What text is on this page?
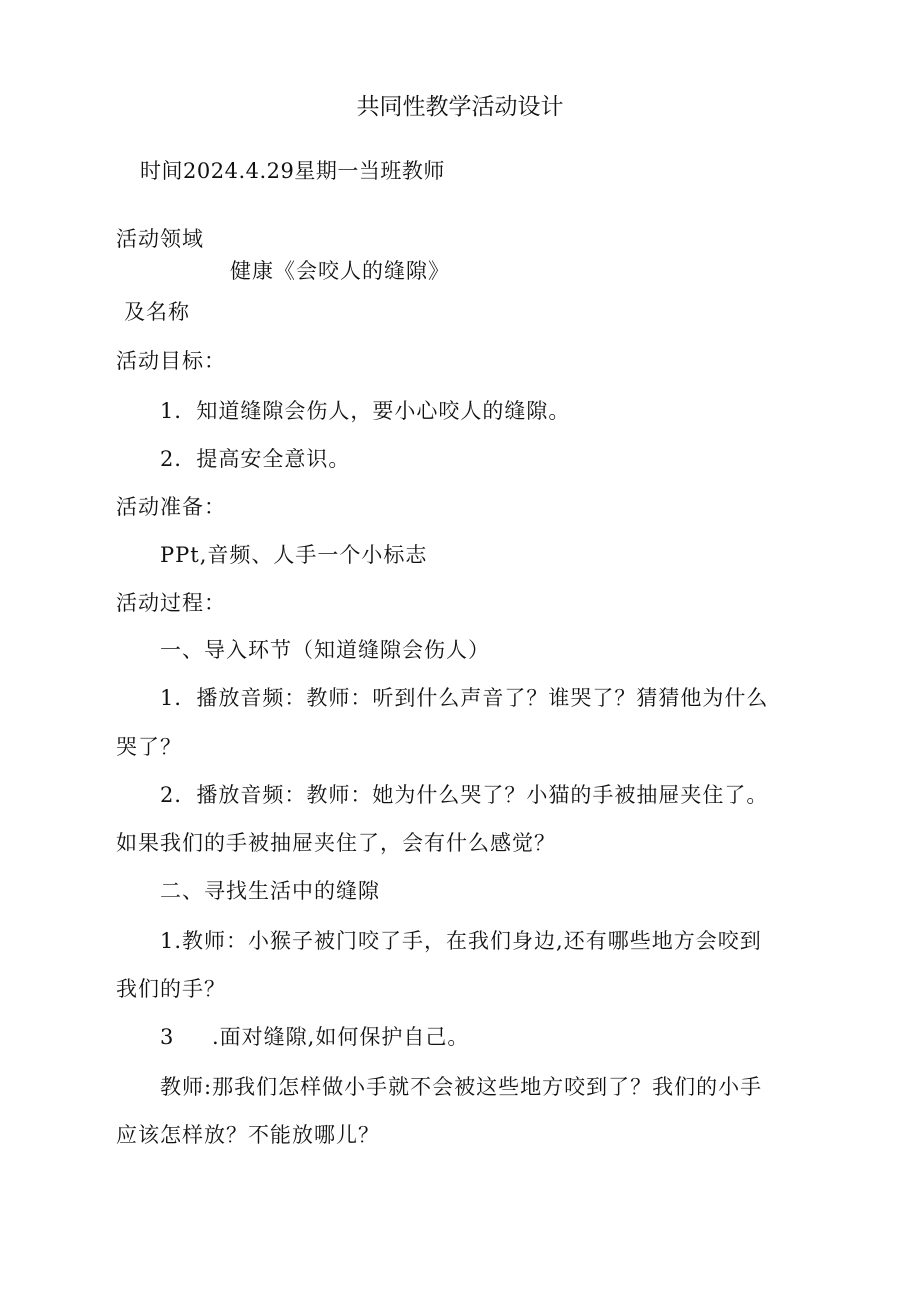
共同性教学活动设计
时间2024.4.29星期一当班教师
活动领域
健康《会咬人的缝隙》
及名称
活动目标：
1．知道缝隙会伤人，要小心咬人的缝隙。
2．提高安全意识。
活动准备：
PPt,音频、人手一个小标志
活动过程：
一、导入环节（知道缝隙会伤人）
1．播放音频：教师：听到什么声音了？谁哭了？猜猜他为什么
哭了？
2．播放音频：教师：她为什么哭了？小猫的手被抽屉夹住了。
如果我们的手被抽屉夹住了，会有什么感觉？
二、寻找生活中的缝隙
1.教师：小猴子被门咬了手，在我们身边,还有哪些地方会咬到
我们的手？
3 .面对缝隙,如何保护自己。
教师:那我们怎样做小手就不会被这些地方咬到了？我们的小手
应该怎样放？不能放哪儿？
